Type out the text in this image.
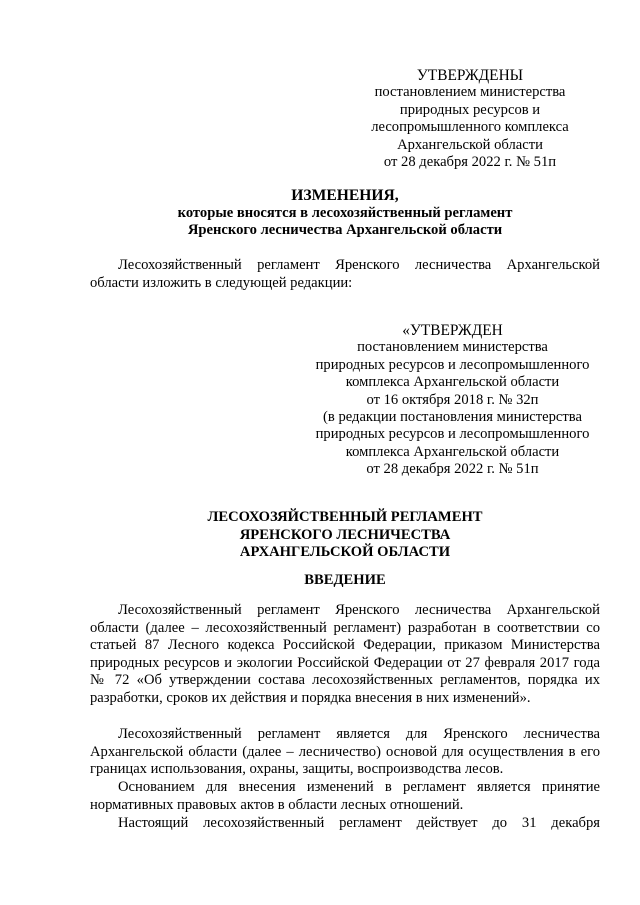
УТВЕРЖДЕНЫ
постановлением министерства
природных ресурсов и
лесопромышленного комплекса
Архангельской области
от 28 декабря 2022 г. № 51п
ИЗМЕНЕНИЯ,
которые вносятся в лесохозяйственный регламент
Яренского лесничества Архангельской области
Лесохозяйственный регламент Яренского лесничества Архангельской области изложить в следующей редакции:
«УТВЕРЖДЕН
постановлением министерства
природных ресурсов и лесопромышленного
комплекса Архангельской области
от 16 октября 2018 г. № 32п
(в редакции постановления министерства
природных ресурсов и лесопромышленного
комплекса Архангельской области
от 28 декабря 2022 г. № 51п
ЛЕСОХОЗЯЙСТВЕННЫЙ РЕГЛАМЕНТ
ЯРЕНСКОГО ЛЕСНИЧЕСТВА
АРХАНГЕЛЬСКОЙ ОБЛАСТИ
ВВЕДЕНИЕ
Лесохозяйственный регламент Яренского лесничества Архангельской области (далее – лесохозяйственный регламент) разработан в соответствии со статьей 87 Лесного кодекса Российской Федерации, приказом Министерства природных ресурсов и экологии Российской Федерации от 27 февраля 2017 года № 72 «Об утверждении состава лесохозяйственных регламентов, порядка их разработки, сроков их действия и порядка внесения в них изменений».
Лесохозяйственный регламент является для Яренского лесничества Архангельской области (далее – лесничество) основой для осуществления в его границах использования, охраны, защиты, воспроизводства лесов.
Основанием для внесения изменений в регламент является принятие нормативных правовых актов в области лесных отношений.
Настоящий лесохозяйственный регламент действует до 31 декабря
